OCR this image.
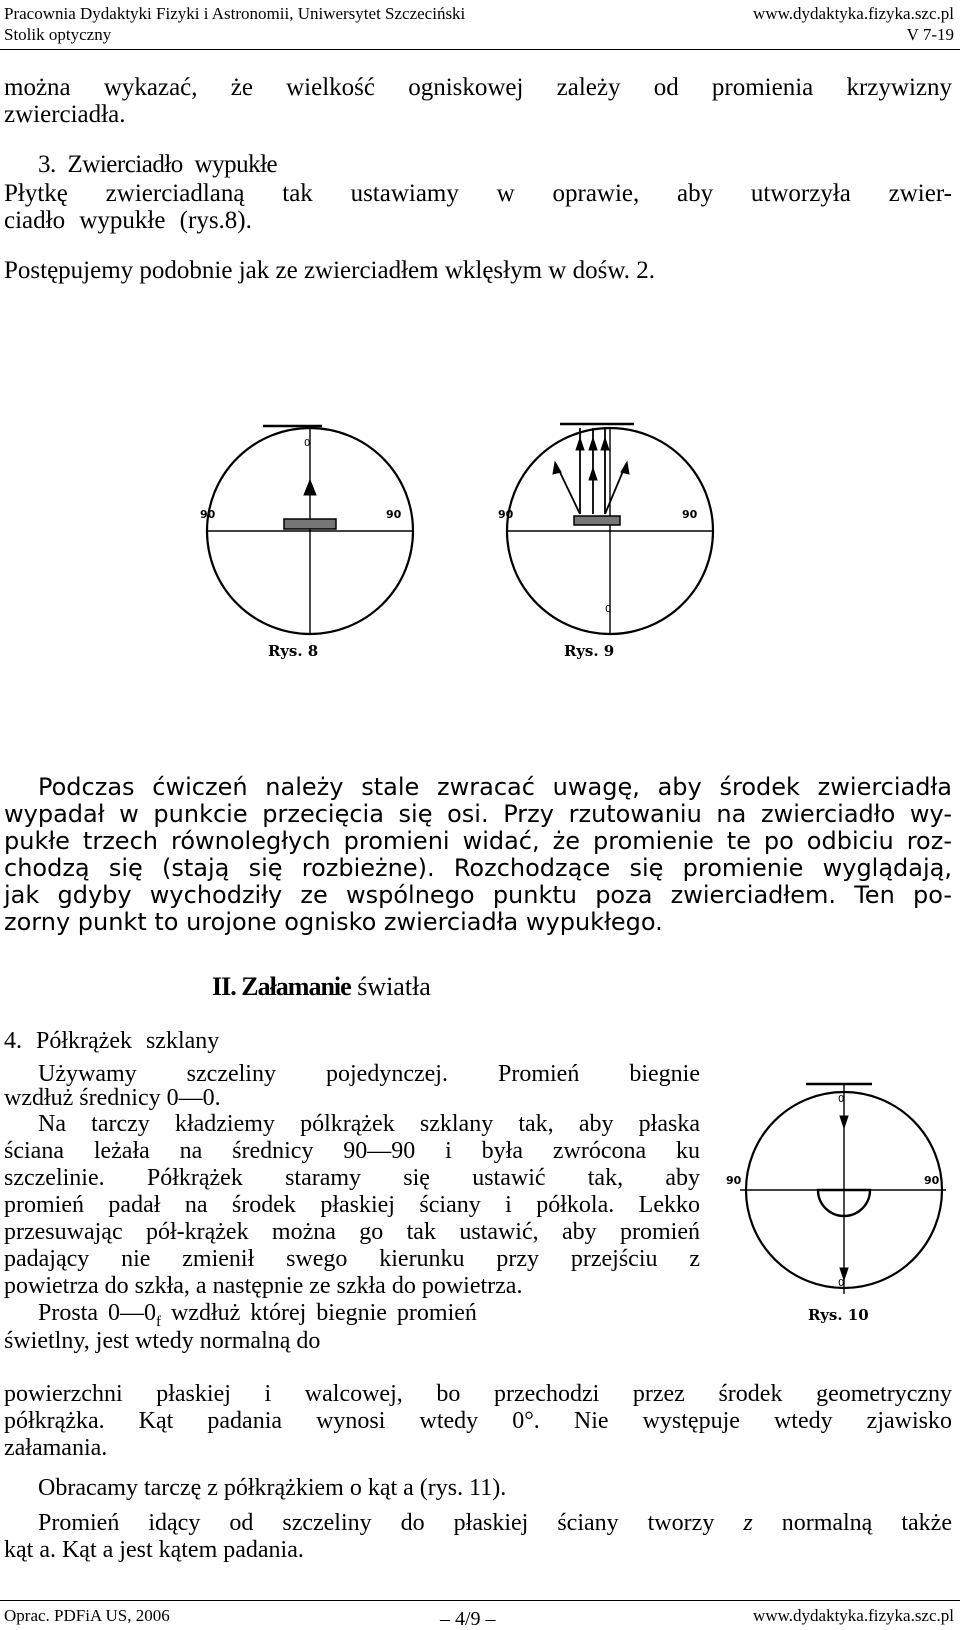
Pracownia Dydaktyki Fizyki i Astronomii, Uniwersytet Szczeciński	www.dydaktyka.fizyka.szc.pl
Stolik optyczny	V 7-19
można wykazać, że wielkość ogniskowej zależy od promienia krzywizny
zwierciadła.
3. Zwierciadło wypukłe
Płytkę zwierciadlaną tak ustawiamy w oprawie, aby utworzyła zwier-
ciadło wypukłe (rys.8).
Postępujemy podobnie jak ze zwierciadłem wklęsłym w dośw. 2.
0
90	90
Rys. 8
0
90	90
Rys. 9
Podczas ćwiczeń należy stale zwracać uwagę, aby środek zwierciadła
wypadał w punkcie przecięcia się osi. Przy rzutowaniu na zwierciadło wy-
pukłe trzech równoległych promieni widać, że promienie te po odbiciu roz-
chodzą się (stają się rozbieżne). Rozchodzące się promienie wyglądają,
jak gdyby wychodziły ze wspólnego punktu poza zwierciadłem. Ten po-
zorny punkt to urojone ognisko zwierciadła wypukłego.
II. Załamanie światła
4. Półkrążek szklany
Używamy szczeliny pojedynczej. Promień biegnie
wzdłuż średnicy 0—0.
Na tarczy kładziemy pólkrążek szklany tak, aby płaska
ściana leżała na średnicy 90—90 i była zwrócona ku
szczelinie. Półkrążek staramy się ustawić tak, aby
promień padał na środek płaskiej ściany i półkola. Lekko
przesuwając pół-krążek można go tak ustawić, aby promień
padający nie zmienił swego kierunku przy przejściu z
powietrza do szkła, a następnie ze szkła do powietrza.
Prosta $0—0_f$ wzdłuż której biegnie promień
świetlny, jest wtedy normalną do
0
0
90	90
Rys. 10
powierzchni płaskiej i walcowej, bo przechodzi przez środek geometryczny
półkrążka. Kąt padania wynosi wtedy 0°. Nie występuje wtedy zjawisko
załamania.
Obracamy tarczę z półkrążkiem o kąt a (rys. 11).
Promień idący od szczeliny do płaskiej ściany tworzy z normalną także
kąt a. Kąt a jest kątem padania.
Oprac. PDFiA US, 2006	– 4/9 –	www.dydaktyka.fizyka.szc.pl
